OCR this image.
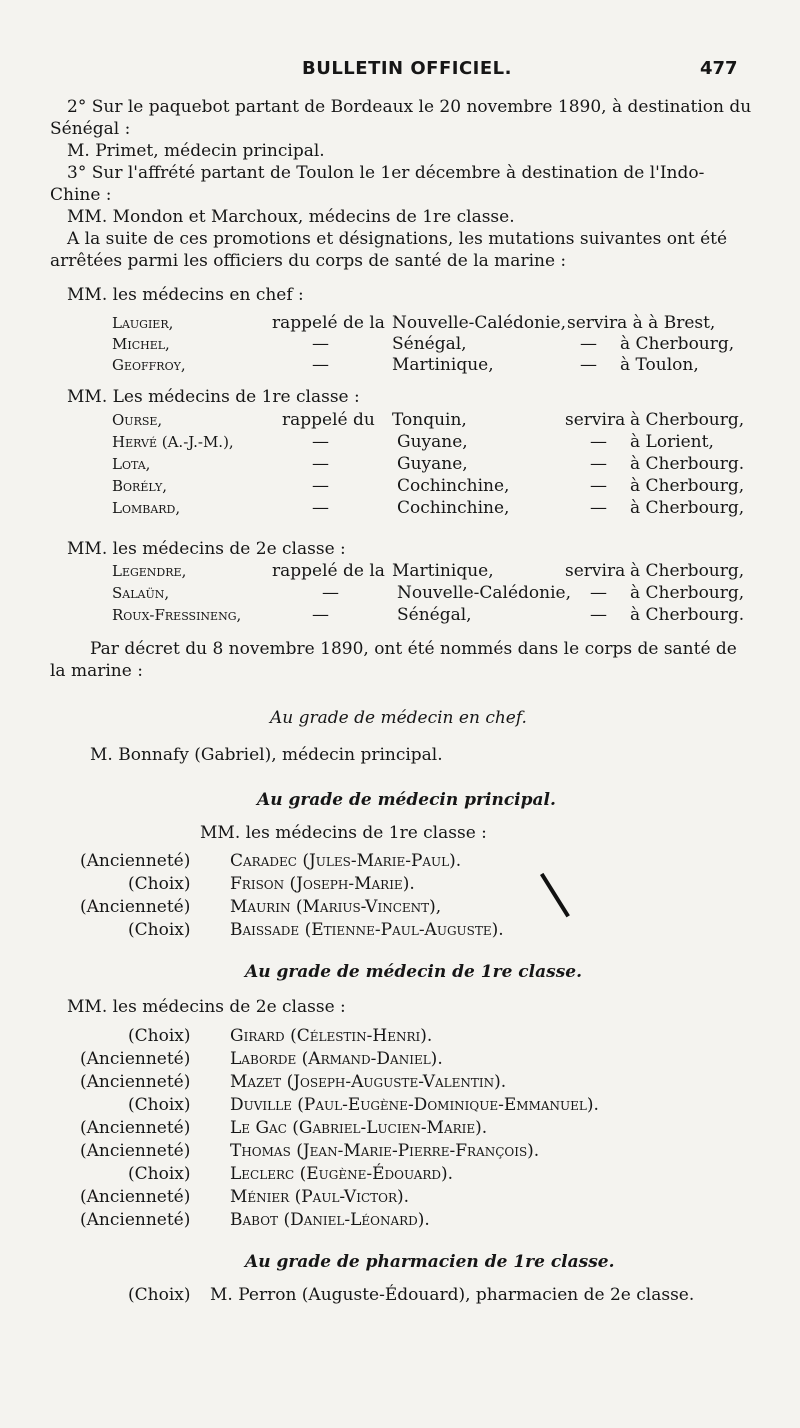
BULLETIN OFFICIEL.	477
2° Sur le paquebot partant de Bordeaux le 20 novembre 1890, à destination du
Sénégal :
M. Primet, médecin principal.
3° Sur l'affrété partant de Toulon le 1er décembre à destination de l'Indo-
Chine :
MM. Mondon et Marchoux, médecins de 1re classe.
A la suite de ces promotions et désignations, les mutations suivantes ont été
arrêtées parmi les officiers du corps de santé de la marine :
MM. les médecins en chef :
Laugier,	rappelé de la Nouvelle-Calédonie, servira à à Brest,
Michel,	—	Sénégal,	— à Cherbourg,
Geoffroy,	—	Martinique,	— à Toulon,
MM. Les médecins de 1re classe :
Ourse,	rappelé du Tonquin,	servira à Cherbourg,
Hervé (A.-J.-M.),	—	Guyane,	— à Lorient,
Lota,	—	Guyane,	— à Cherbourg.
Borély,	—	Cochinchine,	— à Cherbourg,
Lombard,	—	Cochinchine,	— à Cherbourg,
MM. les médecins de 2e classe :
Legendre,	rappelé de la Martinique,	servira à Cherbourg,
Salaün,	—	Nouvelle-Calédonie, — à Cherbourg,
Roux-Fressineng,	—	Sénégal,	— à Cherbourg.
Par décret du 8 novembre 1890, ont été nommés dans le corps de santé de
la marine :
Au grade de médecin en chef.
M. Bonnafy (Gabriel), médecin principal.
Au grade de médecin principal.
MM. les médecins de 1re classe :
(Ancienneté) Caradec (Jules-Marie-Paul).
(Choix) Frison (Joseph-Marie).
(Ancienneté) Maurin (Marius-Vincent),
(Choix) Baissade (Etienne-Paul-Auguste).
Au grade de médecin de 1re classe.
MM. les médecins de 2e classe :
(Choix) Girard (Célestin-Henri).
(Ancienneté) Laborde (Armand-Daniel).
(Ancienneté) Mazet (Joseph-Auguste-Valentin).
(Choix) Duville (Paul-Eugène-Dominique-Emmanuel).
(Ancienneté) Le Gac (Gabriel-Lucien-Marie).
(Ancienneté) Thomas (Jean-Marie-Pierre-François).
(Choix) Leclerc (Eugène-Édouard).
(Ancienneté) Ménier (Paul-Victor).
(Ancienneté) Babot (Daniel-Léonard).
Au grade de pharmacien de 1re classe.
(Choix) M. Perron (Auguste-Édouard), pharmacien de 2e classe.
